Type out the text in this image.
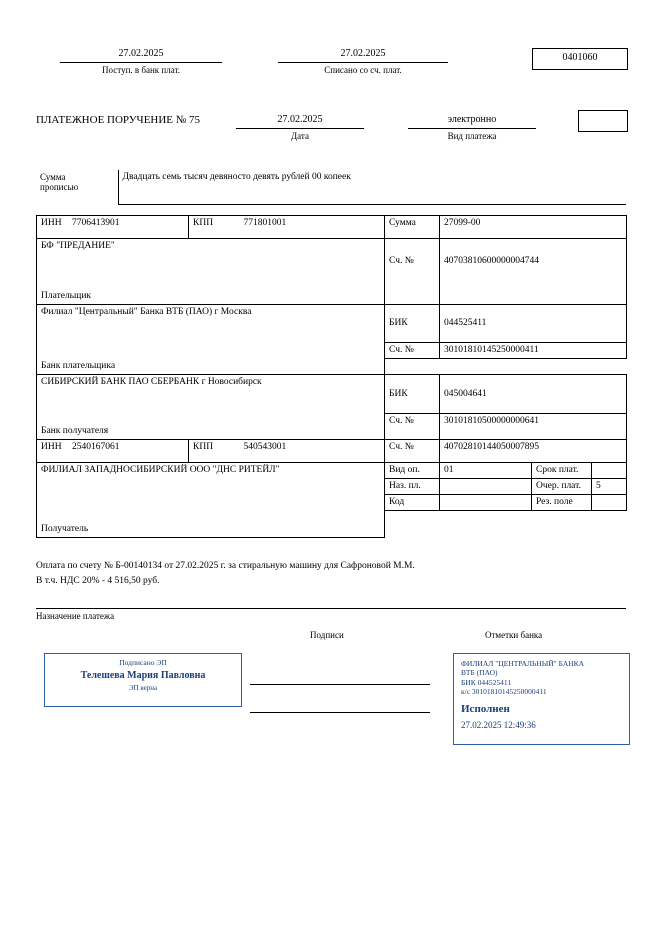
27.02.2025
Поступ. в банк плат.
27.02.2025
Списано со сч. плат.
0401060
ПЛАТЕЖНОЕ ПОРУЧЕНИЕ № 75	27.02.2025
Дата
электронно
Вид платежа
Сумма
прописью
	Двадцать семь тысяч девяносто девять рублей 00 копеек
ИНН 7706413901	КПП 771801001	Сумма	27099-00		
БФ "ПРЕДАНИЕ"					
		Сч. №	40703810600000004744		
Плательщик					
Филиал "Центральный" Банка ВТБ (ПАО) г Москва		БИК	044525411		

Банк плательщика		Сч. №	30101810145250000411		

СИБИРСКИЙ БАНК ПАО СБЕРБАНК г Новосибирск		БИК	045004641		

Банк получателя		Сч. №	30101810500000000641		
ИНН 2540167061	КПП 540543001	Сч. №	40702810144050007895		
ФИЛИАЛ ЗАПАДНОСИБИРСКИЙ ООО "ДНС РИТЕЙЛ"		Вид оп.	01	Срок плат.	
		Наз. пл.		Очер. плат.	5
		Код		Рез. поле	
Получатель					
Оплата по счету № Б-00140134 от 27.02.2025 г. за стиральную машину для Сафроновой М.М.
В т.ч. НДС 20% - 4 516,50 руб.
Назначение платежа
Подписи	Отметки банка
Подписано ЭП
Телешева Мария Павловна
ЭП верна
ФИЛИАЛ "ЦЕНТРАЛЬНЫЙ" БАНКА
ВТБ (ПАО)
БИК 044525411
к/с 30101810145250000411
Исполнен
27.02.2025 12:49:36
